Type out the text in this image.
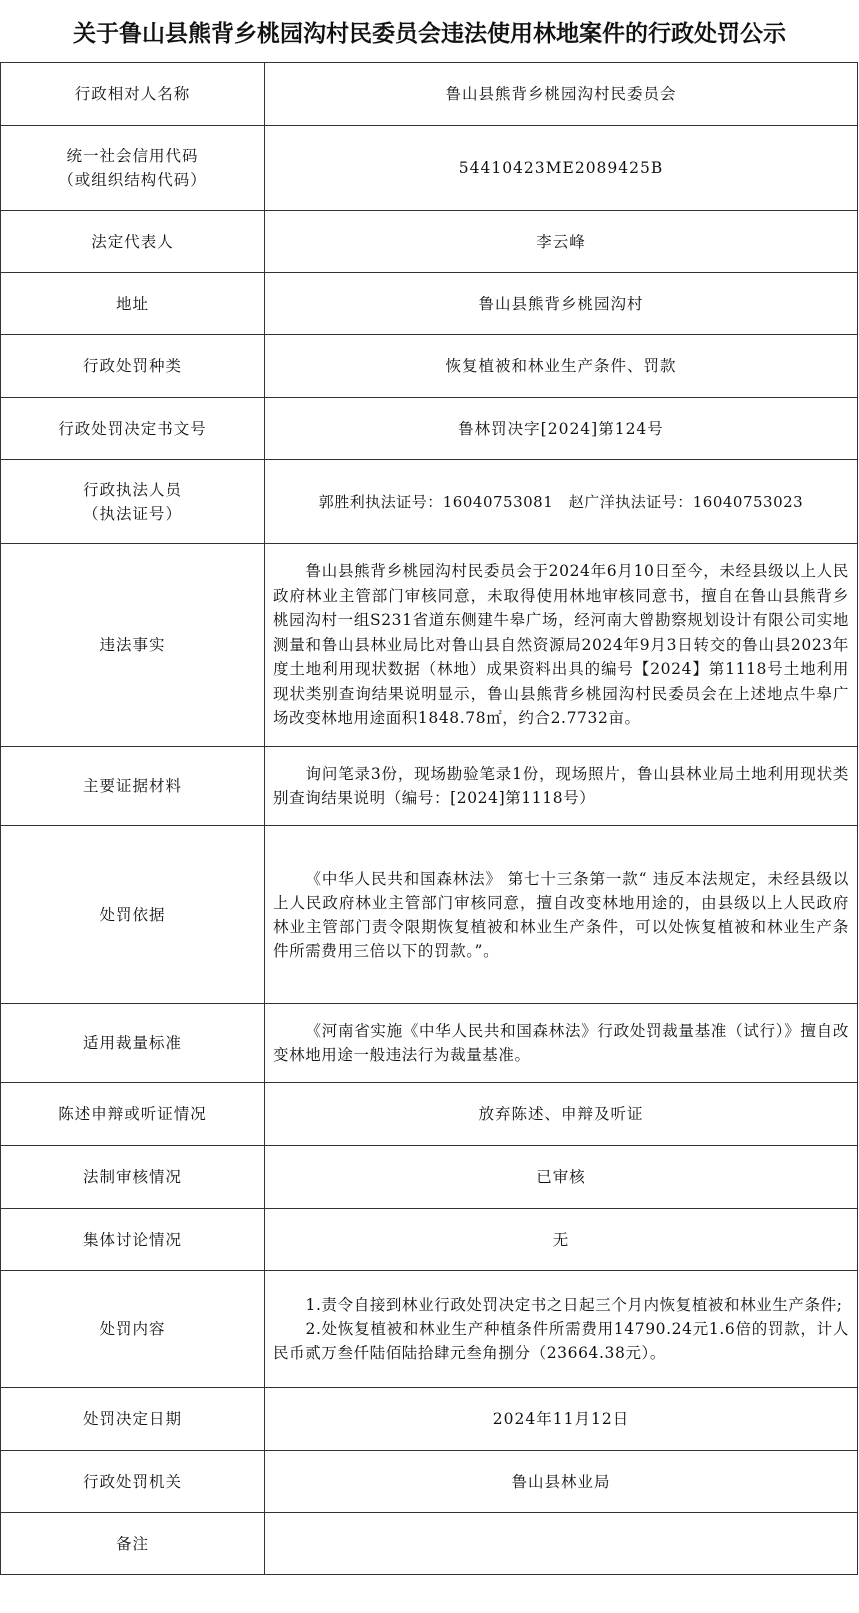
关于鲁山县熊背乡桃园沟村民委员会违法使用林地案件的行政处罚公示
行政相对人名称	鲁山县熊背乡桃园沟村民委员会

统一社会信用代码
（或组织结构代码）	54410423ME2089425B
法定代表人	李云峰
地址	鲁山县熊背乡桃园沟村
行政处罚种类	恢复植被和林业生产条件、罚款
行政处罚决定书文号	鲁林罚决字[2024]第124号

行政执法人员
（执法证号）	郭胜利执法证号：16040753081　赵广洋执法证号：16040753023
违法事实	鲁山县熊背乡桃园沟村民委员会于2024年6月10日至今，未经县级以上人民政府林业主管部门审核同意，未取得使用林地审核同意书，擅自在鲁山县熊背乡桃园沟村一组S231省道东侧建牛皋广场，经河南大曾勘察规划设计有限公司实地测量和鲁山县林业局比对鲁山县自然资源局2024年9月3日转交的鲁山县2023年度土地利用现状数据（林地）成果资料出具的编号【2024】第1118号土地利用现状类别查询结果说明显示，鲁山县熊背乡桃园沟村民委员会在上述地点牛皋广场改变林地用途面积1848.78㎡，约合2.7732亩。
主要证据材料	询问笔录3份，现场勘验笔录1份，现场照片，鲁山县林业局土地利用现状类别查询结果说明（编号：[2024]第1118号）
处罚依据	《中华人民共和国森林法》 第七十三条第一款“ 违反本法规定，未经县级以上人民政府林业主管部门审核同意，擅自改变林地用途的，由县级以上人民政府林业主管部门责令限期恢复植被和林业生产条件，可以处恢复植被和林业生产条件所需费用三倍以下的罚款。”。
适用裁量标准	《河南省实施《中华人民共和国森林法》行政处罚裁量基准（试行）》擅自改变林地用途一般违法行为裁量基准。
陈述申辩或听证情况	放弃陈述、申辩及听证
法制审核情况	已审核
集体讨论情况	无
处罚内容	1.责令自接到林业行政处罚决定书之日起三个月内恢复植被和林业生产条件;
2.处恢复植被和林业生产种植条件所需费用14790.24元1.6倍的罚款，计人民币贰万叁仟陆佰陆拾肆元叁角捌分（23664.38元）。

处罚决定日期	2024年11月12日
行政处罚机关	鲁山县林业局
备注	
